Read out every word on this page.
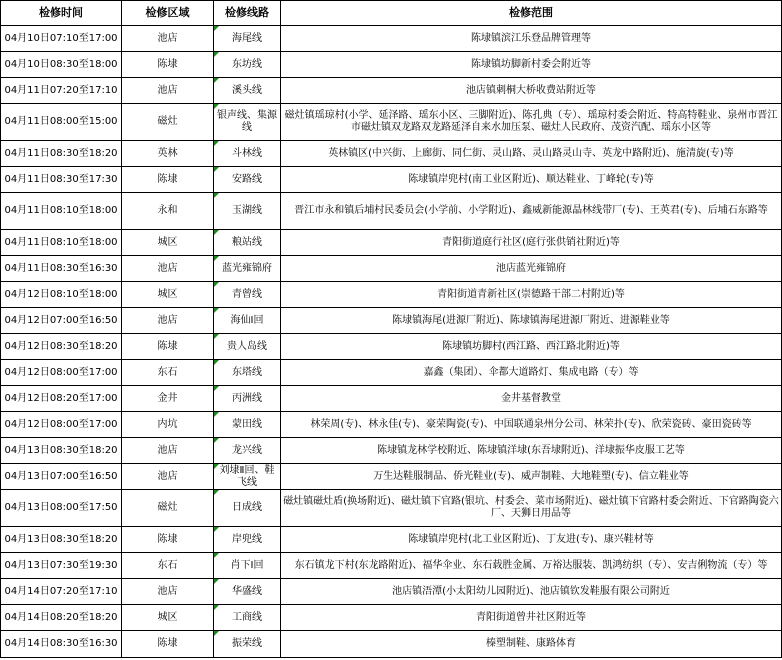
检修时间	检修区域	检修线路	检修范围
04月10日07:10至17:00	池店	海尾线	陈埭镇滨江乐登品牌管理等
04月10日08:30至18:00	陈埭	东坊线	陈埭镇坊脚新村委会附近等
04月11日07:20至17:10	池店	溪头线	池店镇刺桐大桥收费站附近等
04月11日08:00至15:00	磁灶	银声线、集源线	磁灶镇瑶琼村(小学、延泽路、瑶东小区、三脚附近)、陈孔典（专）、瑶琼村委会附近、特高特鞋业、泉州市晋江市磁灶镇双龙路双龙路延泽自来水加压泵、磁灶人民政府、茂资汽配、瑶东小区等
04月11日08:30至18:20	英林	斗林线	英林镇区(中兴街、上廊街、同仁街、灵山路、灵山路灵山寺、英龙中路附近)、施清旋(专)等
04月11日08:30至17:30	陈埭	安路线	陈埭镇岸兜村(南工业区附近)、顺达鞋业、丁峰轮(专)等
04月11日08:10至18:00	永和	玉湖线	晋江市永和镇后埔村民委员会(小学前、小学附近)、鑫威新能源晶林线带厂(专)、王英君(专)、后埔石东路等
04月11日08:10至18:00	城区	粮站线	青阳街道庭行社区(庭行张供销社附近)等
04月11日08:30至16:30	池店	蓝光雍锦府	池店蓝光雍锦府
04月12日08:10至18:00	城区	青曾线	青阳街道青新社区(崇德路干部二村附近)等
04月12日07:00至16:50	池店	海仙Ⅰ回	陈埭镇海尾(进源厂附近)、陈埭镇海尾进源厂附近、进源鞋业等
04月12日08:30至18:20	陈埭	贵人岛线	陈埭镇坊脚村(西江路、西江路北附近)等
04月12日08:00至17:00	东石	东塔线	嘉鑫（集团）、伞都大道路灯、集成电路（专）等
04月12日08:20至17:00	金井	丙洲线	金井基督教堂
04月12日08:00至17:00	内坑	蒙田线	林荣周(专)、林永佳(专)、豪荣陶瓷(专)、中国联通泉州分公司、林荣扑(专)、欣荣瓷砖、豪田瓷砖等
04月13日08:30至18:20	池店	龙兴线	陈埭镇龙林学校附近、陈埭镇洋埭(东吾埭附近)、洋埭振华皮服工艺等
04月13日07:00至16:50	池店	刘埭Ⅱ回、鞋飞线	万生达鞋服制品、侨光鞋业(专)、威声制鞋、大地鞋塑(专)、信立鞋业等
04月13日08:00至17:50	磁灶	日成线	磁灶镇磁灶盾(换场附近)、磁灶镇下官路(银坑、村委会、菜市场附近)、磁灶镇下官路村委会附近、下官路陶瓷六厂、天狮日用品等
04月13日08:30至18:20	陈埭	岸兜线	陈埭镇岸兜村(北工业区附近)、丁友进(专)、康兴鞋材等
04月13日07:30至19:30	东石	肖下Ⅰ回	东石镇龙下村(东龙路附近)、福华伞业、东石载胜金属、万裕达服装、凯鸿纺织（专）、安吉俐物流（专）等
04月14日07:20至17:10	池店	华盛线	池店镇浯潭(小太阳幼儿园附近)、池店镇钦发鞋服有限公司附近
04月14日08:20至18:20	城区	工商线	青阳街道曾井社区附近等
04月14日08:30至16:30	陈埭	振荣线	榛塑制鞋、康路体育
